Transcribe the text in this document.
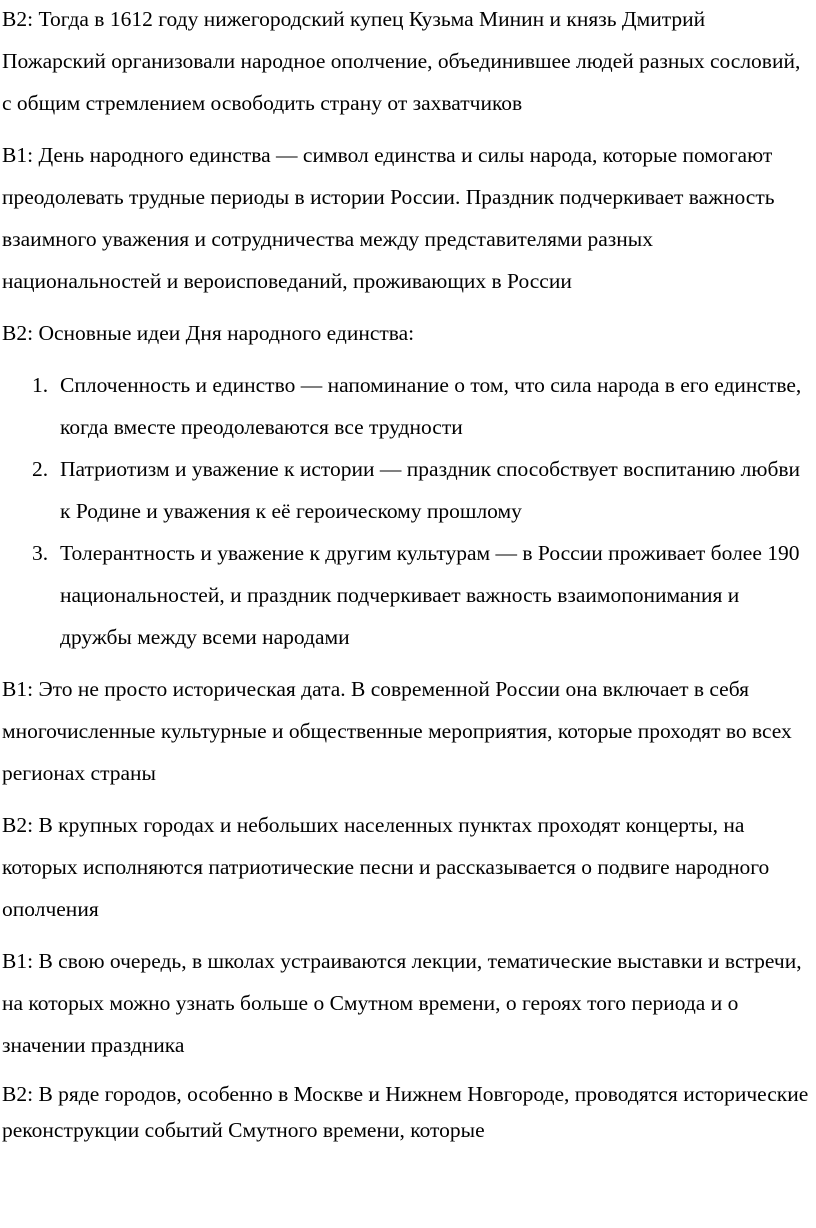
В2: Тогда в 1612 году нижегородский купец Кузьма Минин и князь Дмитрий Пожарский организовали народное ополчение, объединившее людей разных сословий, с общим стремлением освободить страну от захватчиков

В1: День народного единства — символ единства и силы народа, которые помогают преодолевать трудные периоды в истории России. Праздник подчеркивает важность взаимного уважения и сотрудничества между представителями разных национальностей и вероисповеданий, проживающих в России

В2: Основные идеи Дня народного единства:

1. Сплоченность и единство — напоминание о том, что сила народа в его единстве, когда вместе преодолеваются все трудности
2. Патриотизм и уважение к истории — праздник способствует воспитанию любви к Родине и уважения к её героическому прошлому
3. Толерантность и уважение к другим культурам — в России проживает более 190 национальностей, и праздник подчеркивает важность взаимопонимания и дружбы между всеми народами

В1: Это не просто историческая дата. В современной России она включает в себя многочисленные культурные и общественные мероприятия, которые проходят во всех регионах страны

В2: В крупных городах и небольших населенных пунктах проходят концерты, на которых исполняются патриотические песни и рассказывается о подвиге народного ополчения

В1: В свою очередь, в школах устраиваются лекции, тематические выставки и встречи, на которых можно узнать больше о Смутном времени, о героях того периода и о значении праздника

В2: В ряде городов, особенно в Москве и Нижнем Новгороде, проводятся исторические реконструкции событий Смутного времени, которые
